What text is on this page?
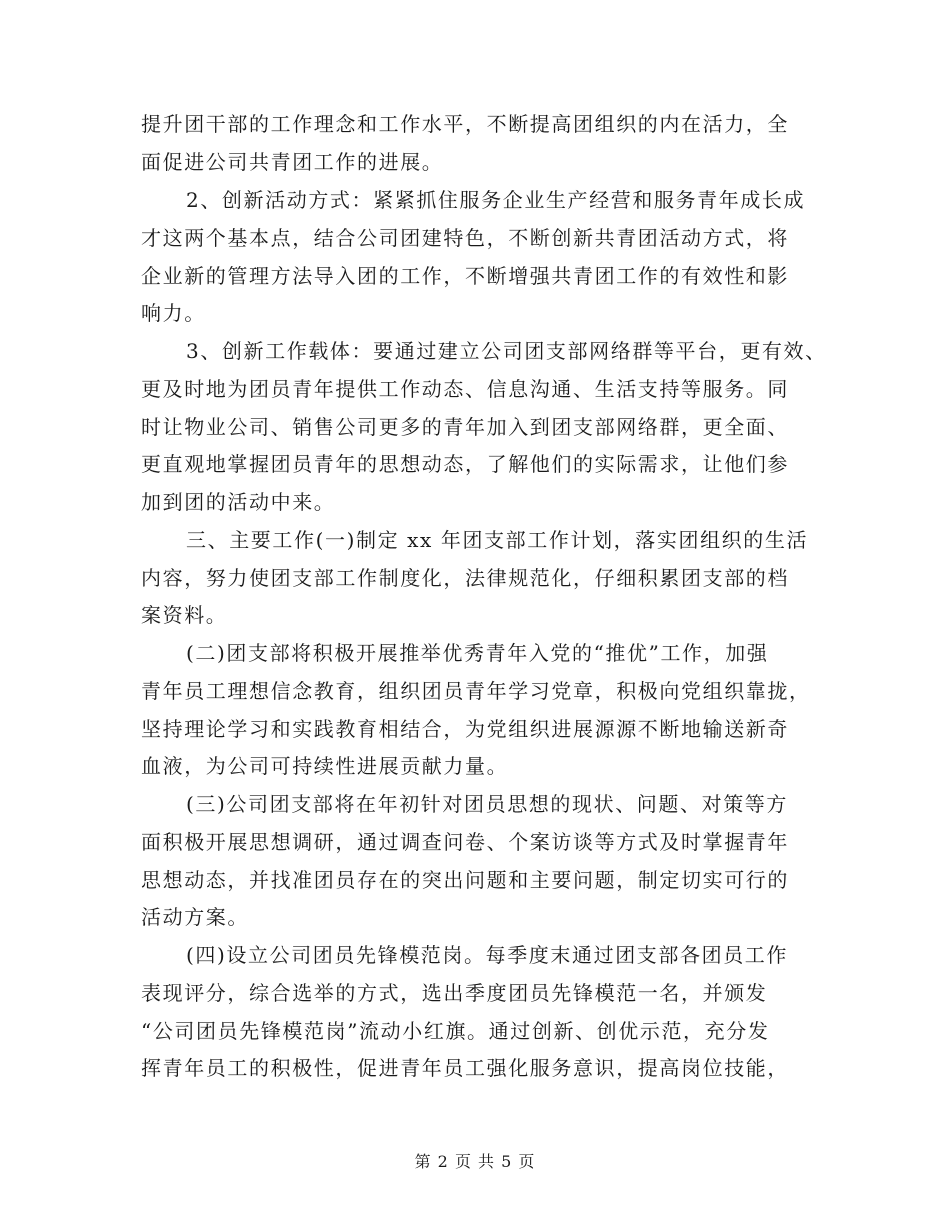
提升团干部的工作理念和工作水平，不断提高团组织的内在活力，全
面促进公司共青团工作的进展。
2、创新活动方式：紧紧抓住服务企业生产经营和服务青年成长成
才这两个基本点，结合公司团建特色，不断创新共青团活动方式，将
企业新的管理方法导入团的工作，不断增强共青团工作的有效性和影
响力。
3、创新工作载体：要通过建立公司团支部网络群等平台，更有效、
更及时地为团员青年提供工作动态、信息沟通、生活支持等服务。同
时让物业公司、销售公司更多的青年加入到团支部网络群，更全面、
更直观地掌握团员青年的思想动态，了解他们的实际需求，让他们参
加到团的活动中来。
三、主要工作(一)制定 xx 年团支部工作计划，落实团组织的生活
内容，努力使团支部工作制度化，法律规范化，仔细积累团支部的档
案资料。
(二)团支部将积极开展推举优秀青年入党的“推优”工作，加强
青年员工理想信念教育，组织团员青年学习党章，积极向党组织靠拢，
坚持理论学习和实践教育相结合，为党组织进展源源不断地输送新奇
血液，为公司可持续性进展贡献力量。
(三)公司团支部将在年初针对团员思想的现状、问题、对策等方
面积极开展思想调研，通过调查问卷、个案访谈等方式及时掌握青年
思想动态，并找准团员存在的突出问题和主要问题，制定切实可行的
活动方案。
(四)设立公司团员先锋模范岗。每季度末通过团支部各团员工作
表现评分，综合选举的方式，选出季度团员先锋模范一名，并颁发
“公司团员先锋模范岗”流动小红旗。通过创新、创优示范，充分发
挥青年员工的积极性，促进青年员工强化服务意识，提高岗位技能，
第 2 页 共 5 页
